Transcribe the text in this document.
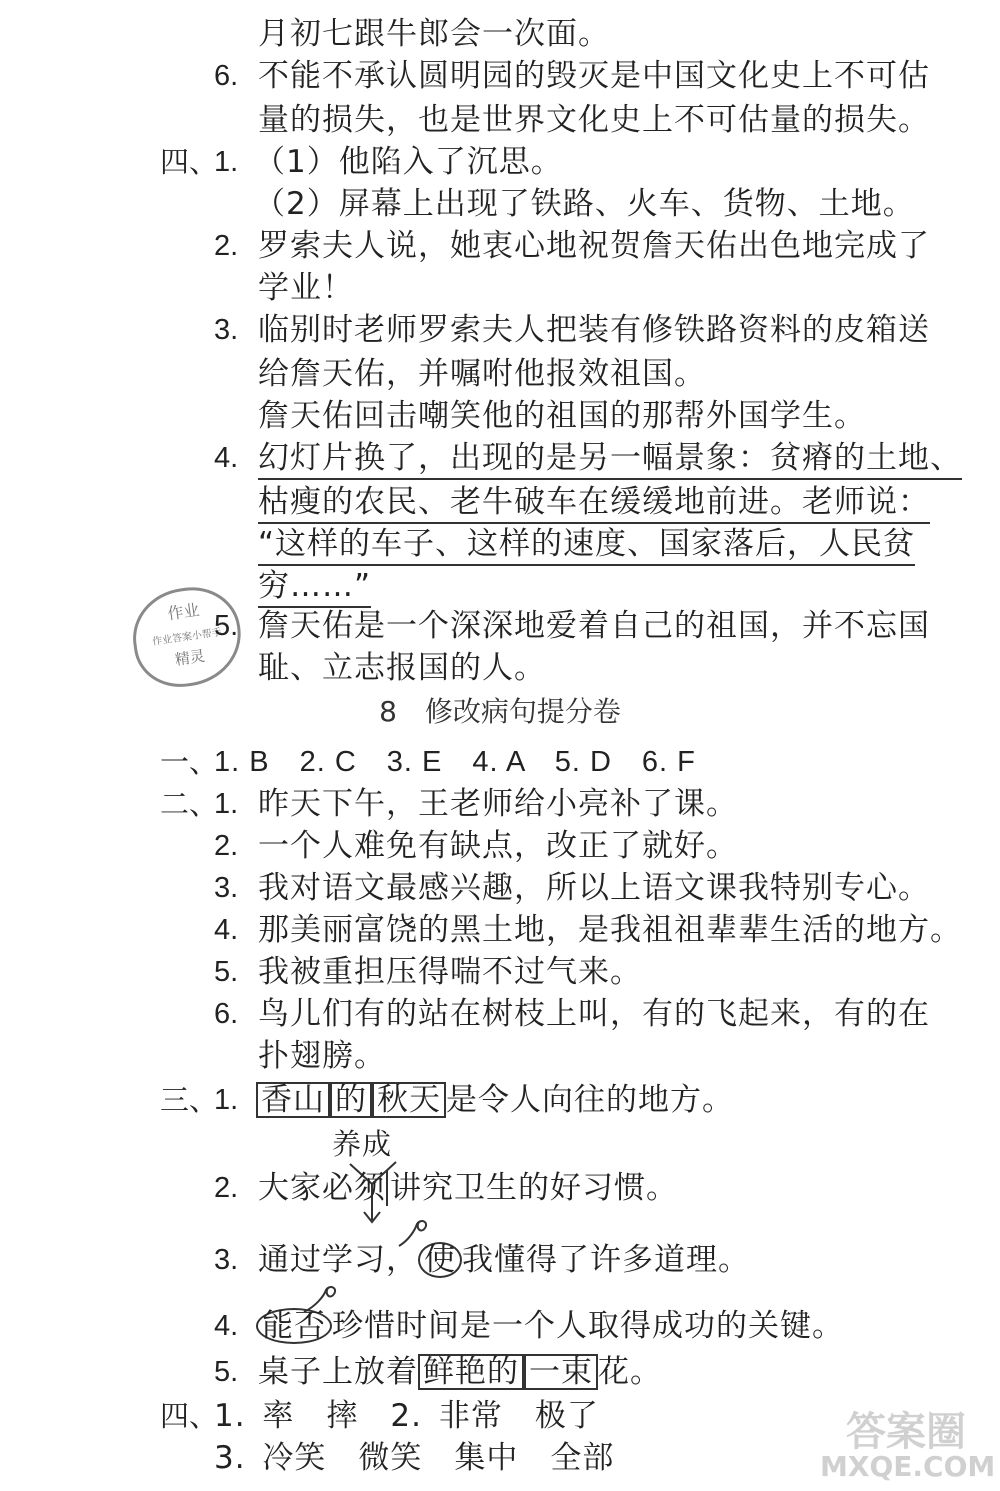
月初七跟牛郎会一次面。
6. 不能不承认圆明园的毁灭是中国文化史上不可估
量的损失，也是世界文化史上不可估量的损失。
四、
1. （1）他陷入了沉思。
（2）屏幕上出现了铁路、火车、货物、土地。
2. 罗索夫人说，她衷心地祝贺詹天佑出色地完成了
学业！
3. 临别时老师罗索夫人把装有修铁路资料的皮箱送
给詹天佑，并嘱咐他报效祖国。
詹天佑回击嘲笑他的祖国的那帮外国学生。
4. 幻灯片换了，出现的是另一幅景象：贫瘠的土地、
枯瘦的农民、老牛破车在缓缓地前进。老师说：
“这样的车子、这样的速度、国家落后，人民贫
穷……”
作业
作业答案小帮手
精灵
5. 詹天佑是一个深深地爱着自己的祖国，并不忘国
耻、立志报国的人。
8　修改病句提分卷
一、
1. B　2. C　3. E　4. A　5. D　6. F
二、
1. 昨天下午，王老师给小亮补了课。
2. 一个人难免有缺点，改正了就好。
3. 我对语文最感兴趣，所以上语文课我特别专心。
4. 那美丽富饶的黑土地，是我祖祖辈辈生活的地方。
5. 我被重担压得喘不过气来。
6. 鸟儿们有的站在树枝上叫，有的飞起来，有的在
扑翅膀。
三、
1. 香山 的 秋天 是令人向往的地方。
养成
2. 大家必须 讲究卫生的好习惯。
3. 通过学习， 使 我懂得了许多道理。
4. 能否 珍惜时间是一个人取得成功的关键。
5. 桌子上放着 鲜艳的 一束 花。
四、
1. 率　摔　2. 非常　极了
3. 冷笑　微笑　集中　全部
答案圈
MXQE.COM
